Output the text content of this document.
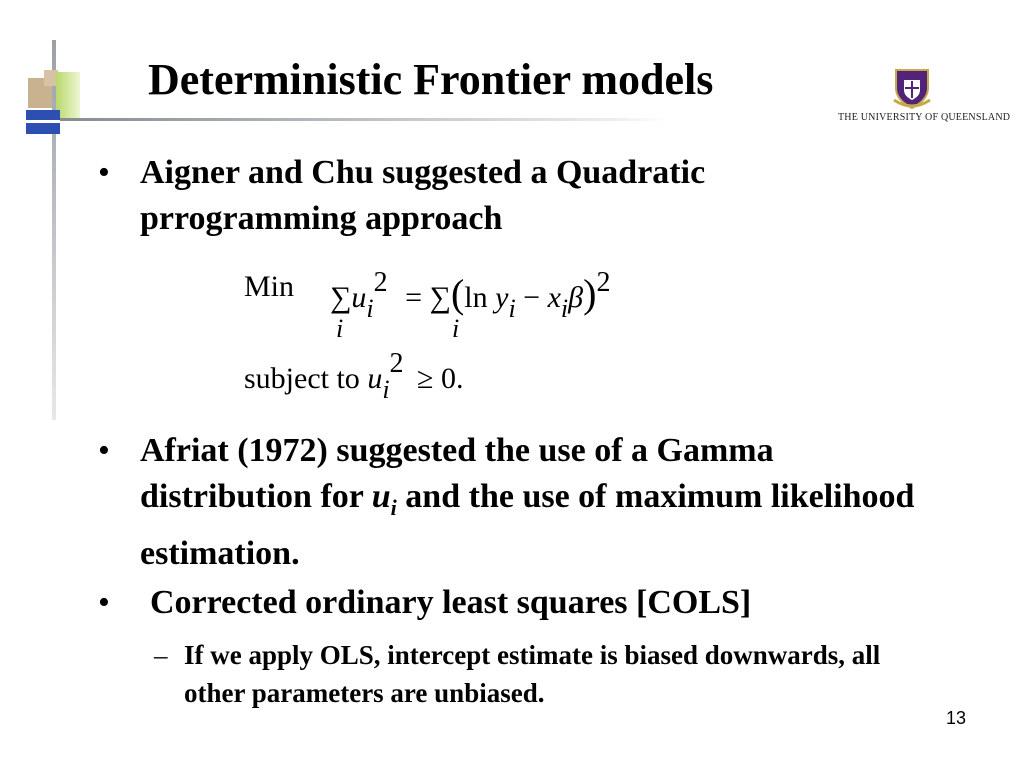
Deterministic Frontier models
THE UNIVERSITY OF QUEENSLAND
• Aigner and Chu suggested a Quadratic prrogramming approach
Min ∑ui2 = ∑(ln yi − xiβ)2
i	i
subject to ui2 ≥ 0.
• Afriat (1972) suggested the use of a Gamma distribution for $u_i$ and the use of maximum likelihood estimation.
• Corrected ordinary least squares [COLS]
– If we apply OLS, intercept estimate is biased downwards, all other parameters are unbiased.
13
